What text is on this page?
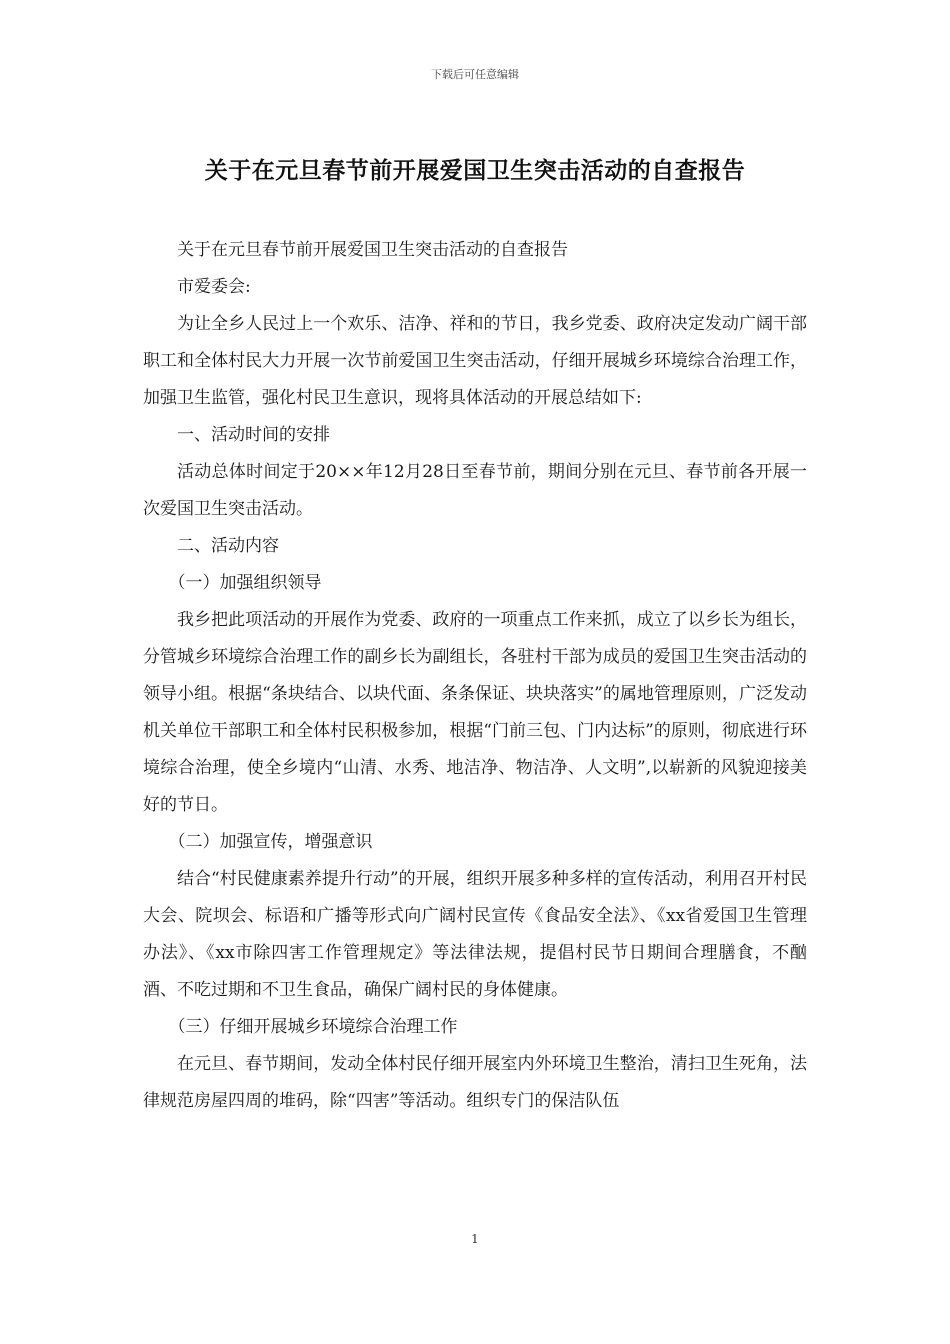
下载后可任意编辑
关于在元旦春节前开展爱国卫生突击活动的自查报告

关于在元旦春节前开展爱国卫生突击活动的自查报告

市爱委会:

为让全乡人民过上一个欢乐、洁净、祥和的节日，我乡党委、政府决定发动广阔干部职工和全体村民大力开展一次节前爱国卫生突击活动，仔细开展城乡环境综合治理工作，加强卫生监管，强化村民卫生意识，现将具体活动的开展总结如下:

一、活动时间的安排

活动总体时间定于20××年12月28日至春节前，期间分别在元旦、春节前各开展一次爱国卫生突击活动。

二、活动内容

（一）加强组织领导

我乡把此项活动的开展作为党委、政府的一项重点工作来抓，成立了以乡长为组长，分管城乡环境综合治理工作的副乡长为副组长，各驻村干部为成员的爱国卫生突击活动的领导小组。根据“条块结合、以块代面、条条保证、块块落实”的属地管理原则，广泛发动机关单位干部职工和全体村民积极参加，根据“门前三包、门内达标”的原则，彻底进行环境综合治理，使全乡境内“山清、水秀、地洁净、物洁净、人文明”,以崭新的风貌迎接美好的节日。

（二）加强宣传，增强意识

结合“村民健康素养提升行动”的开展，组织开展多种多样的宣传活动，利用召开村民大会、院坝会、标语和广播等形式向广阔村民宣传《食品安全法》、《xx省爱国卫生管理办法》、《xx市除四害工作管理规定》等法律法规，提倡村民节日期间合理膳食，不酗酒、不吃过期和不卫生食品，确保广阔村民的身体健康。

（三）仔细开展城乡环境综合治理工作

在元旦、春节期间，发动全体村民仔细开展室内外环境卫生整治，清扫卫生死角，法律规范房屋四周的堆码，除“四害”等活动。组织专门的保洁队伍

1
